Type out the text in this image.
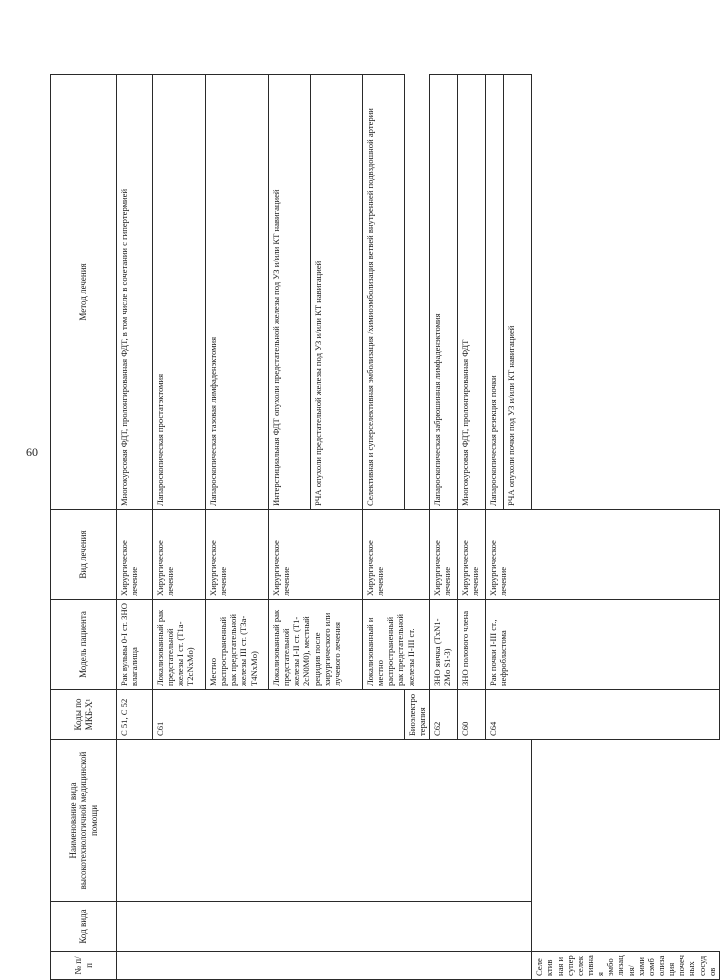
60
№ п/п	Код вида	Наименование вида высокотехнологичной медицинской помощи	Коды по МКБ-X¹	Модель пациента	Вид лечения	Метод лечения
			C 51, C 52	Рак вульвы 0-I ст. ЗНО влагалища	Хирургическое лечение	Многокурсовая ФДТ, пролонгированная ФДТ, в том числе в сочетании с гипертермией
			C61	Локализованный рак предстательной железы I ст. (T1a-T2cNxMo)	Хирургическое лечение	Лапароскопическая простатэктомия
				Местно распространенный рак предстательной железы III ст. (T3a-T4NxMo)	Хирургическое лечение	Лапароскопическая тазовая лимфаденэктомия
				Локализованный рак предстательной железы I-II ст. (T1-2cN0M0), местный рецидив после хирургического или лучевого лечения	Хирургическое лечение	Интерстициальная ФДТ опухоли предстательной железы под УЗ и/или КТ навигацией
						РЧА опухоли предстательной железы под УЗ и/или КТ навигацией
				Локализованный и местно распространенный рак предстательной железы II-III ст.	Хирургическое лечение	Селективная и суперселективная эмболизация /химиоэмболизация ветвей внутренней подвздошной артерии
			Биоэлектротерапия			
			C62	ЗНО яичка (TxN1-2Mo S1-3)	Хирургическое лечение	Лапароскопическая забрюшинная лимфаденэктомия
			C60	ЗНО полового члена	Хирургическое лечение	Многокурсовая ФДТ, пролонгированная ФДТ
			C64	Рак почки I-III ст., нефробластома	Хирургическое лечение	Лапароскопическая резекция почки
						РЧА опухоли почки под УЗ и/или КТ навигацией
Селективная и суперселективная эмболизация/химиоэмболизация почечных сосудов						
